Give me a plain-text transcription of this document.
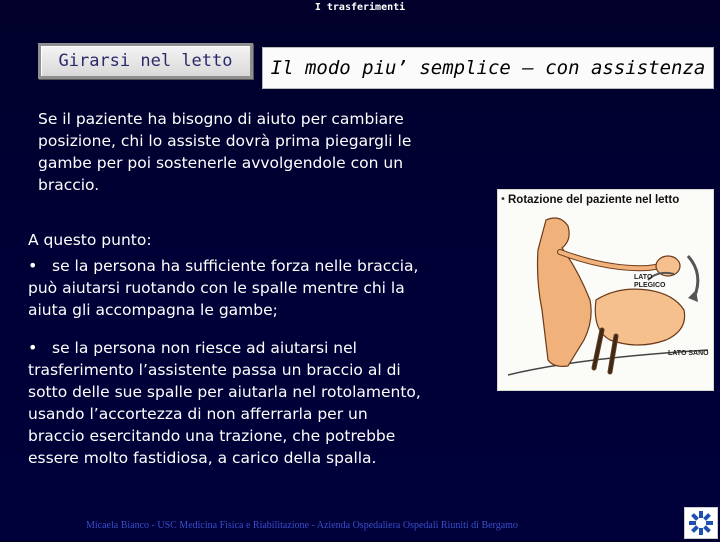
I trasferimenti
Girarsi nel letto Il modo piu’ semplice – con assistenza
Se il paziente ha bisogno di aiuto per cambiare
posizione, chi lo assiste dovrà prima piegargli le
gambe per poi sostenerle avvolgendole con un
braccio.
A questo punto:
• se la persona ha sufficiente forza nelle braccia,
può aiutarsi ruotando con le spalle mentre chi la
aiuta gli accompagna le gambe;
• se la persona non riesce ad aiutarsi nel
trasferimento l’assistente passa un braccio al di
sotto delle sue spalle per aiutarla nel rotolamento,
usando l’accortezza di non afferrarla per un
braccio esercitando una trazione, che potrebbe
essere molto fastidiosa, a carico della spalla.
• Rotazione del paziente nel letto
LATO
PLEGICO
LATO SANO
Micaela Bianco - USC Medicina Fisica e Riabilitazione - Azienda Ospedaliera Ospedali Riuniti di Bergamo
